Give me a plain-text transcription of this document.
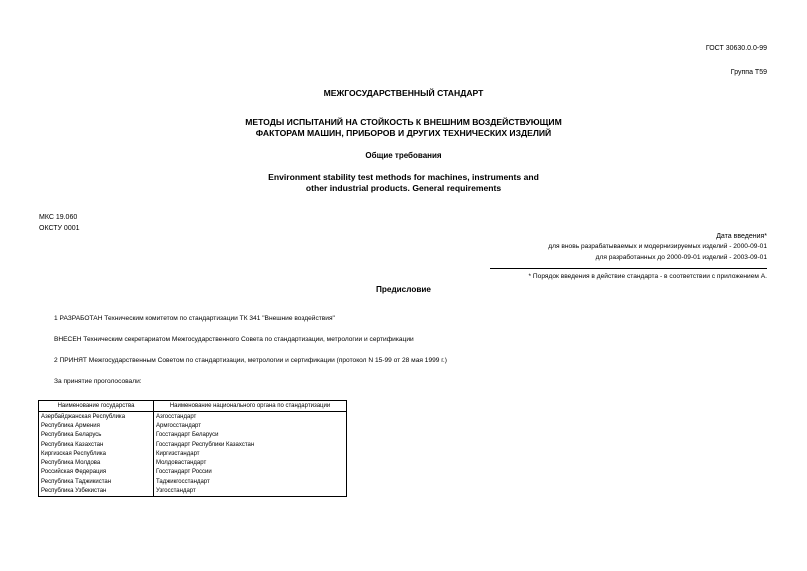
ГОСТ 30630.0.0-99
Группа Т59
МЕЖГОСУДАРСТВЕННЫЙ СТАНДАРТ
МЕТОДЫ ИСПЫТАНИЙ НА СТОЙКОСТЬ К ВНЕШНИМ ВОЗДЕЙСТВУЮЩИМ
ФАКТОРАМ МАШИН, ПРИБОРОВ И ДРУГИХ ТЕХНИЧЕСКИХ ИЗДЕЛИЙ
Общие требования
Environment stability test methods for machines, instruments and
other industrial products. General requirements
МКС 19.060
ОКСТУ 0001
Дата введения*
для вновь разрабатываемых и модернизируемых изделий - 2000-09-01
для разработанных до 2000-09-01 изделий - 2003-09-01
* Порядок введения в действие стандарта - в соответствии с приложением А.
Предисловие
1 РАЗРАБОТАН Техническим комитетом по стандартизации ТК 341 "Внешние воздействия"
ВНЕСЕН Техническим секретариатом Межгосударственного Совета по стандартизации, метрологии и сертификации
2 ПРИНЯТ Межгосударственным Советом по стандартизации, метрологии и сертификации (протокол N 15-99 от 28 мая 1999 г.)
За принятие проголосовали:
Наименование государства	Наименование национального органа по стандартизации
Азербайджанская Республика	Азгосстандарт
Республика Армения	Армгосстандарт
Республика Беларусь	Госстандарт Беларуси
Республика Казахстан	Госстандарт Республики Казахстан
Киргизская Республика	Киргизстандарт
Республика Молдова	Молдовастандарт
Российская Федерация	Госстандарт России
Республика Таджикистан	Таджикгосстандарт
Республика Узбекистан	Узгосстандарт
